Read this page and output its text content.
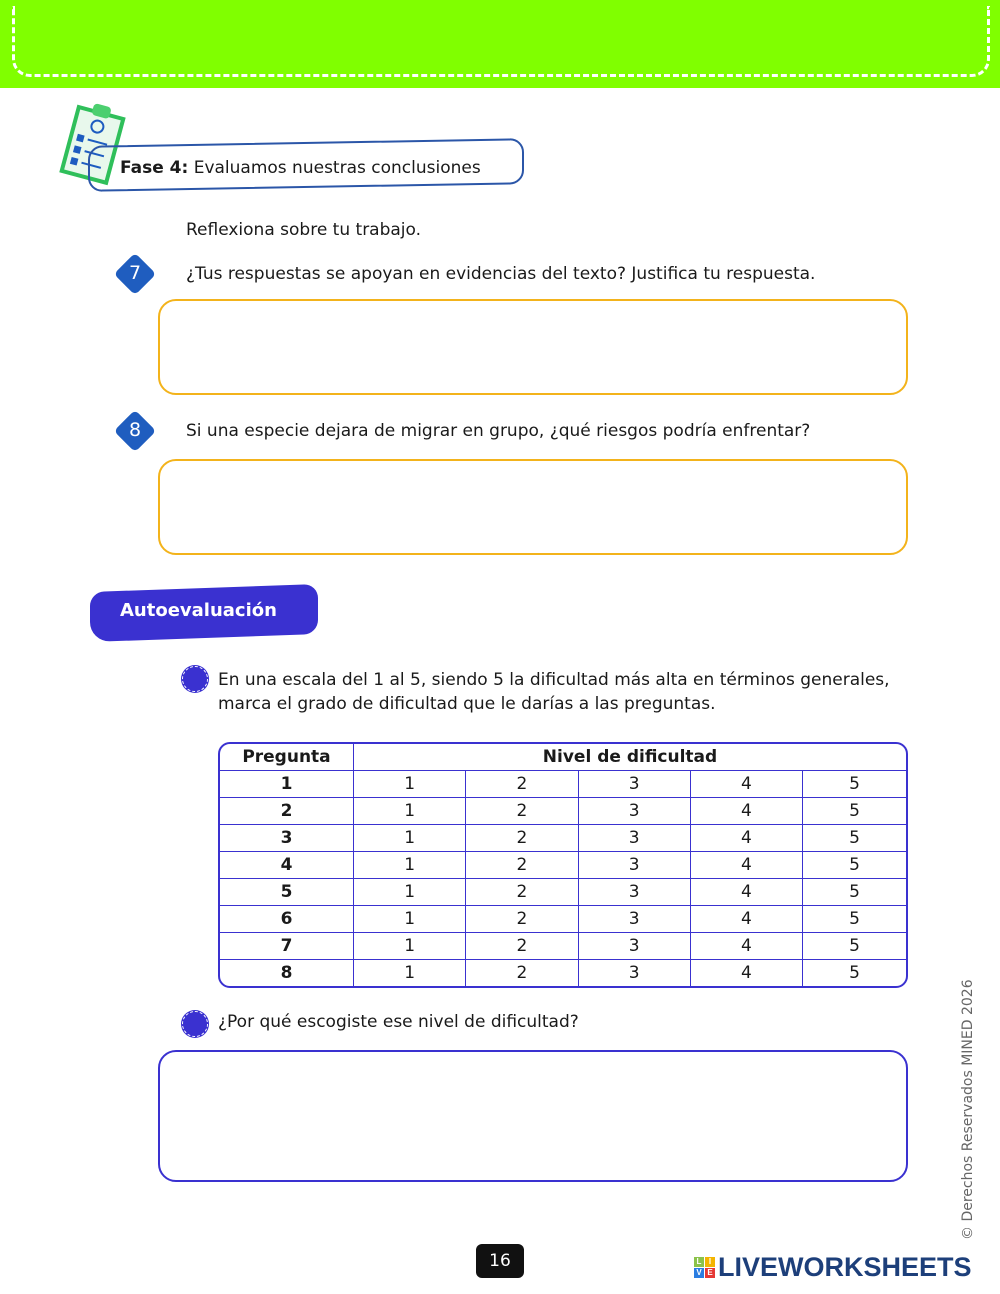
Fase 4: Evaluamos nuestras conclusiones
Reflexiona sobre tu trabajo.
7	¿Tus respuestas se apoyan en evidencias del texto? Justifica tu respuesta.
8	Si una especie dejara de migrar en grupo, ¿qué riesgos podría enfrentar?
Autoevaluación
En una escala del 1 al 5, siendo 5 la dificultad más alta en términos generales, marca el grado de dificultad que le darías a las preguntas.
Pregunta	Nivel de dificultad				
1	1	2	3	4	5
2	1	2	3	4	5
3	1	2	3	4	5
4	1	2	3	4	5
5	1	2	3	4	5
6	1	2	3	4	5
7	1	2	3	4	5
8	1	2	3	4	5
¿Por qué escogiste ese nivel de dificultad?	© Derechos Reservados MINED 2026
16	L I
V E LIVEWORKSHEETS
